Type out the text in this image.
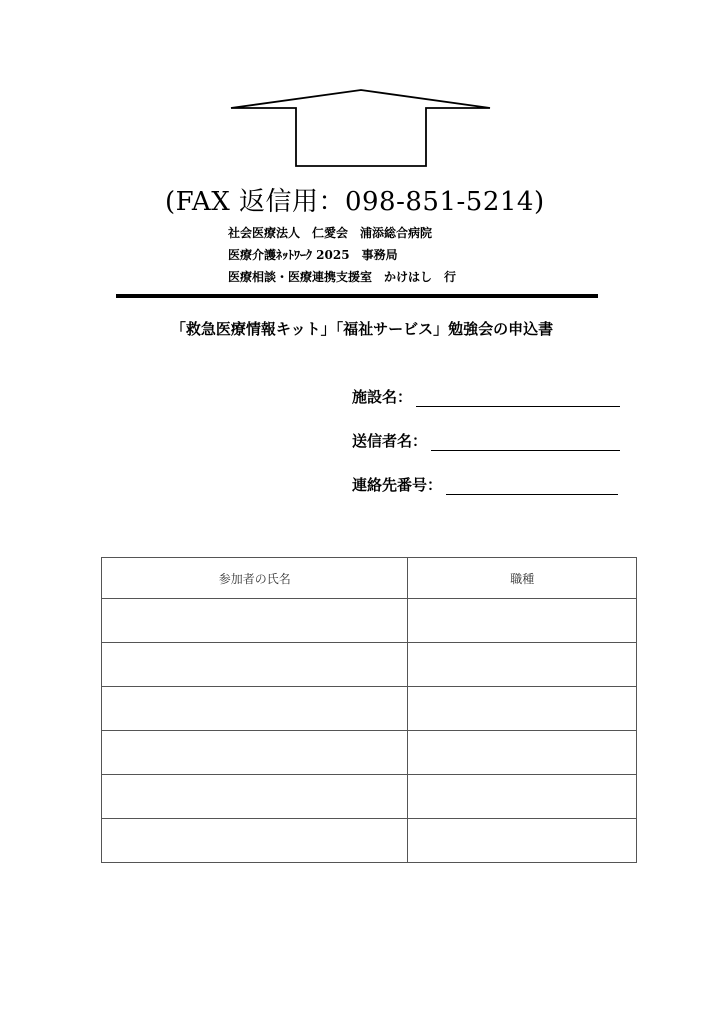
(FAX 返信用：098-851-5214)
社会医療法人　仁愛会　浦添総合病院
医療介護ﾈｯﾄﾜｰｸ 2025　事務局
医療相談・医療連携支援室　かけはし　行
「救急医療情報キット」「福祉サービス」勉強会の申込書
施設名：
送信者名：
連絡先番号：
参加者の氏名	職種
